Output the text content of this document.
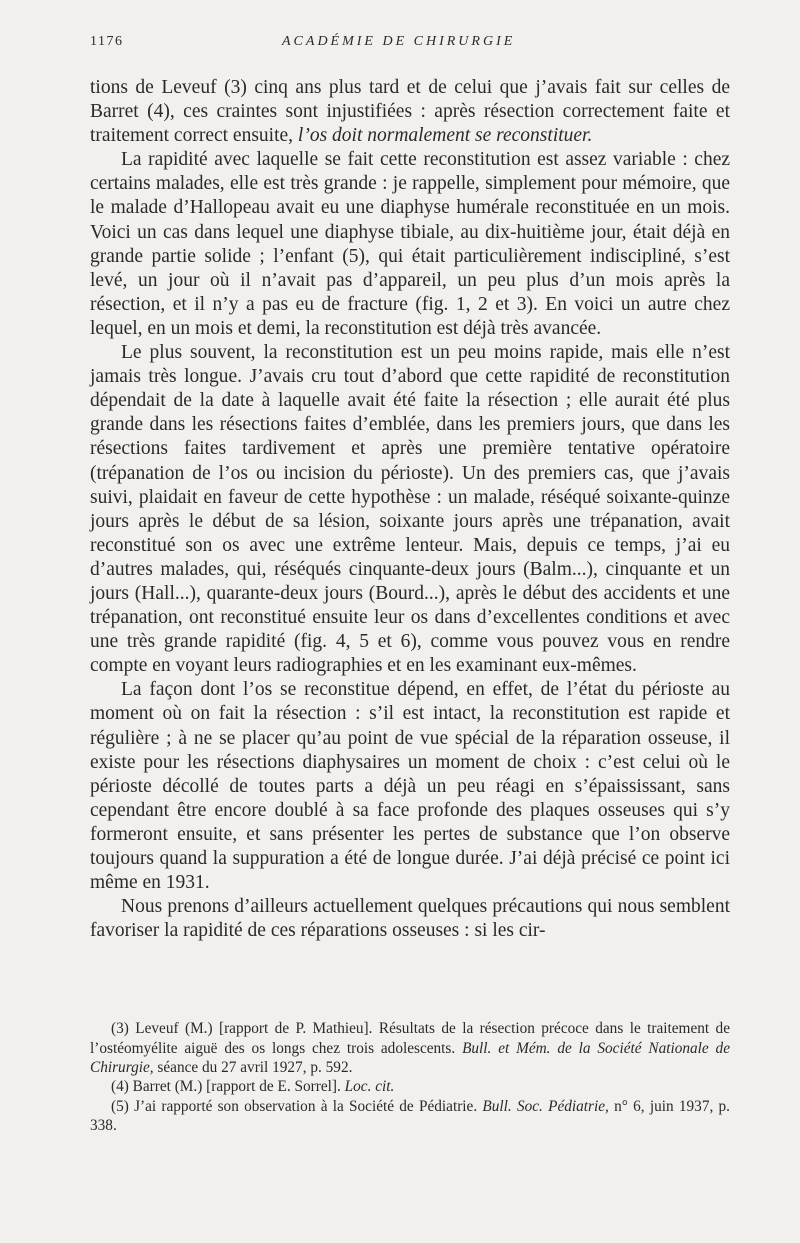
1176	ACADÉMIE DE CHIRURGIE

tions de Leveuf (3) cinq ans plus tard et de celui que j’avais fait sur celles de Barret (4), ces craintes sont injustifiées : après résection correctement faite et traitement correct ensuite, l’os doit normalement se reconstituer.

La rapidité avec laquelle se fait cette reconstitution est assez variable : chez certains malades, elle est très grande : je rappelle, simplement pour mémoire, que le malade d’Hallopeau avait eu une diaphyse humérale reconstituée en un mois. Voici un cas dans lequel une diaphyse tibiale, au dix-huitième jour, était déjà en grande partie solide ; l’enfant (5), qui était particulièrement indiscipliné, s’est levé, un jour où il n’avait pas d’appareil, un peu plus d’un mois après la résection, et il n’y a pas eu de fracture (fig. 1, 2 et 3). En voici un autre chez lequel, en un mois et demi, la reconstitution est déjà très avancée.

Le plus souvent, la reconstitution est un peu moins rapide, mais elle n’est jamais très longue. J’avais cru tout d’abord que cette rapidité de reconstitution dépendait de la date à laquelle avait été faite la résection ; elle aurait été plus grande dans les résections faites d’emblée, dans les premiers jours, que dans les résections faites tardivement et après une première tentative opératoire (trépanation de l’os ou incision du périoste). Un des premiers cas, que j’avais suivi, plaidait en faveur de cette hypothèse : un malade, réséqué soixante-quinze jours après le début de sa lésion, soixante jours après une trépanation, avait reconstitué son os avec une extrême lenteur. Mais, depuis ce temps, j’ai eu d’autres malades, qui, réséqués cinquante-deux jours (Balm...), cinquante et un jours (Hall...), quarante-deux jours (Bourd...), après le début des accidents et une trépanation, ont reconstitué ensuite leur os dans d’excellentes conditions et avec une très grande rapidité (fig. 4, 5 et 6), comme vous pouvez vous en rendre compte en voyant leurs radiographies et en les examinant eux-mêmes.

La façon dont l’os se reconstitue dépend, en effet, de l’état du périoste au moment où on fait la résection : s’il est intact, la reconstitution est rapide et régulière ; à ne se placer qu’au point de vue spécial de la réparation osseuse, il existe pour les résections diaphysaires un moment de choix : c’est celui où le périoste décollé de toutes parts a déjà un peu réagi en s’épaississant, sans cependant être encore doublé à sa face profonde des plaques osseuses qui s’y formeront ensuite, et sans présenter les pertes de substance que l’on observe toujours quand la suppuration a été de longue durée. J’ai déjà précisé ce point ici même en 1931.

Nous prenons d’ailleurs actuellement quelques précautions qui nous semblent favoriser la rapidité de ces réparations osseuses : si les cir-

(3) Leveuf (M.) [rapport de P. Mathieu]. Résultats de la résection précoce dans le traitement de l’ostéomyélite aiguë des os longs chez trois adolescents. Bull. et Mém. de la Société Nationale de Chirurgie, séance du 27 avril 1927, p. 592.

(4) Barret (M.) [rapport de E. Sorrel]. Loc. cit.

(5) J’ai rapporté son observation à la Société de Pédiatrie. Bull. Soc. Pédiatrie, n° 6, juin 1937, p. 338.
